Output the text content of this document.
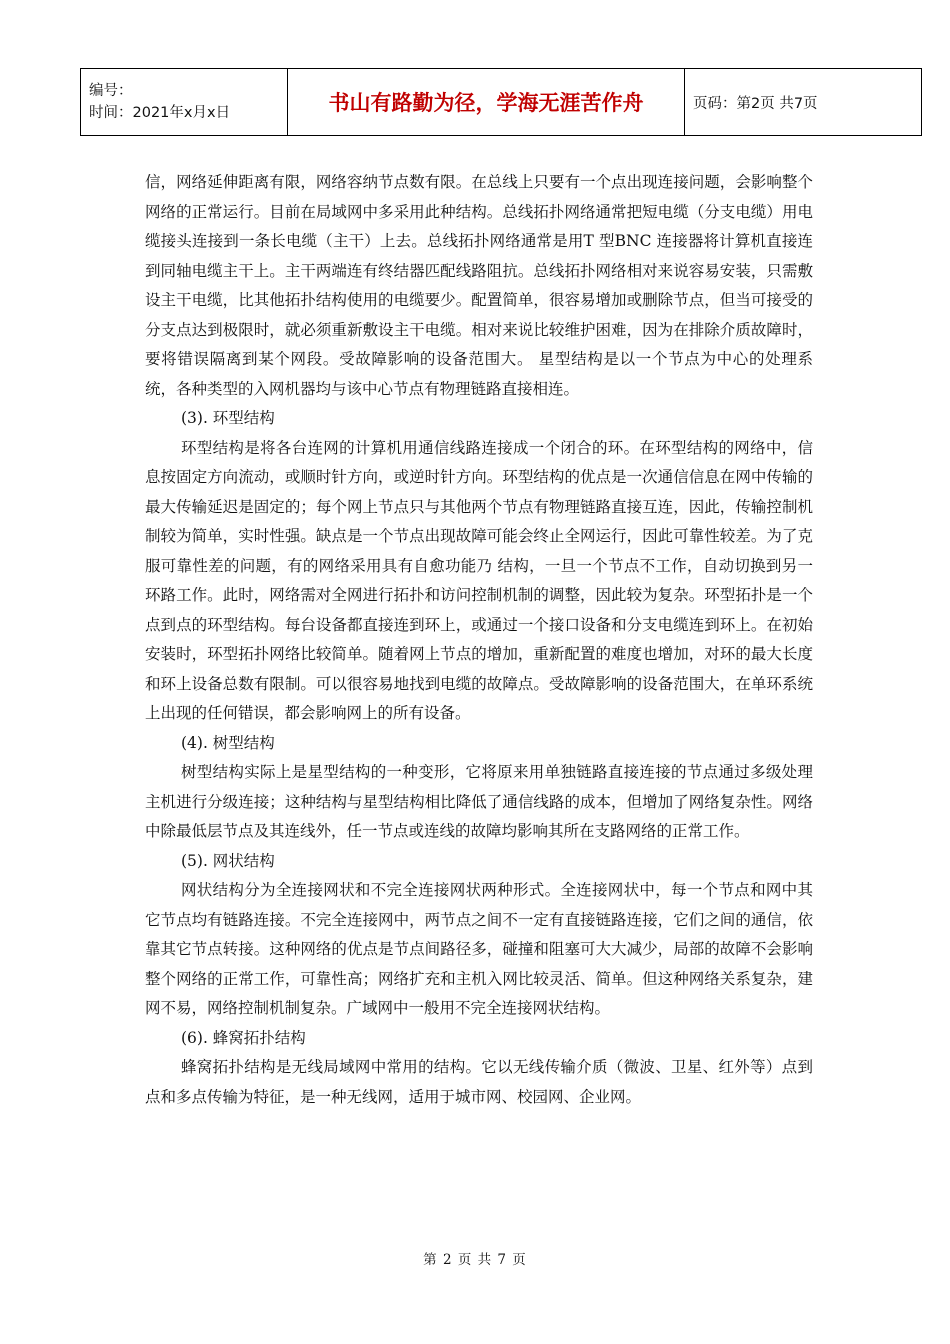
编号：
时间：2021年x月x日	书山有路勤为径，学海无涯苦作舟	页码：第2页 共7页

信，网络延伸距离有限，网络容纳节点数有限。在总线上只要有一个点出现连接问题，会影响整个网络的正常运行。目前在局域网中多采用此种结构。总线拓扑网络通常把短电缆（分支电缆）用电缆接头连接到一条长电缆（主干）上去。总线拓扑网络通常是用T 型BNC 连接器将计算机直接连到同轴电缆主干上。主干两端连有终结器匹配线路阻抗。总线拓扑网络相对来说容易安装，只需敷设主干电缆，比其他拓扑结构使用的电缆要少。配置简单，很容易增加或删除节点，但当可接受的分支点达到极限时，就必须重新敷设主干电缆。相对来说比较维护困难，因为在排除介质故障时，要将错误隔离到某个网段。受故障影响的设备范围大。 星型结构是以一个节点为中心的处理系统，各种类型的入网机器均与该中心节点有物理链路直接相连。

(3). 环型结构

环型结构是将各台连网的计算机用通信线路连接成一个闭合的环。在环型结构的网络中，信息按固定方向流动，或顺时针方向，或逆时针方向。环型结构的优点是一次通信信息在网中传输的最大传输延迟是固定的；每个网上节点只与其他两个节点有物理链路直接互连，因此，传输控制机制较为简单，实时性强。缺点是一个节点出现故障可能会终止全网运行，因此可靠性较差。为了克服可靠性差的问题，有的网络采用具有自愈功能乃 结构，一旦一个节点不工作，自动切换到另一环路工作。此时，网络需对全网进行拓扑和访问控制机制的调整，因此较为复杂。环型拓扑是一个点到点的环型结构。每台设备都直接连到环上，或通过一个接口设备和分支电缆连到环上。在初始安装时，环型拓扑网络比较简单。随着网上节点的增加，重新配置的难度也增加，对环的最大长度和环上设备总数有限制。可以很容易地找到电缆的故障点。受故障影响的设备范围大，在单环系统上出现的任何错误，都会影响网上的所有设备。

(4). 树型结构

树型结构实际上是星型结构的一种变形，它将原来用单独链路直接连接的节点通过多级处理主机进行分级连接；这种结构与星型结构相比降低了通信线路的成本，但增加了网络复杂性。网络中除最低层节点及其连线外，任一节点或连线的故障均影响其所在支路网络的正常工作。

(5). 网状结构

网状结构分为全连接网状和不完全连接网状两种形式。全连接网状中，每一个节点和网中其它节点均有链路连接。不完全连接网中，两节点之间不一定有直接链路连接，它们之间的通信，依靠其它节点转接。这种网络的优点是节点间路径多，碰撞和阻塞可大大减少，局部的故障不会影响整个网络的正常工作，可靠性高；网络扩充和主机入网比较灵活、简单。但这种网络关系复杂，建网不易，网络控制机制复杂。广域网中一般用不完全连接网状结构。

(6). 蜂窝拓扑结构

蜂窝拓扑结构是无线局域网中常用的结构。它以无线传输介质（微波、卫星、红外等）点到点和多点传输为特征，是一种无线网，适用于城市网、校园网、企业网。

第 2 页 共 7 页
